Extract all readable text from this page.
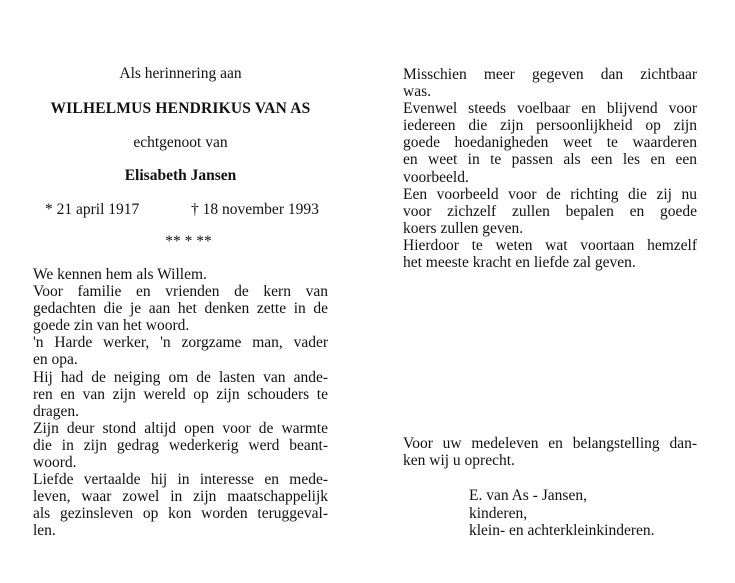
Als herinnering aan
WILHELMUS HENDRIKUS VAN AS
echtgenoot van
Elisabeth Jansen
* 21 april 1917	† 18 november 1993
** * **
We kennen hem als Willem.
Voor familie en vrienden de kern van
gedachten die je aan het denken zette in de
goede zin van het woord.
'n Harde werker, 'n zorgzame man, vader
en opa.
Hij had de neiging om de lasten van ande-
ren en van zijn wereld op zijn schouders te
dragen.
Zijn deur stond altijd open voor de warmte
die in zijn gedrag wederkerig werd beant-
woord.
Liefde vertaalde hij in interesse en mede-
leven, waar zowel in zijn maatschappelijk
als gezinsleven op kon worden teruggeval-
len.
Misschien meer gegeven dan zichtbaar
was.
Evenwel steeds voelbaar en blijvend voor
iedereen die zijn persoonlijkheid op zijn
goede hoedanigheden weet te waarderen
en weet in te passen als een les en een
voorbeeld.
Een voorbeeld voor de richting die zij nu
voor zichzelf zullen bepalen en goede
koers zullen geven.
Hierdoor te weten wat voortaan hemzelf
het meeste kracht en liefde zal geven.
Voor uw medeleven en belangstelling dan-
ken wij u oprecht.
E. van As - Jansen,
kinderen,
klein- en achterkleinkinderen.
